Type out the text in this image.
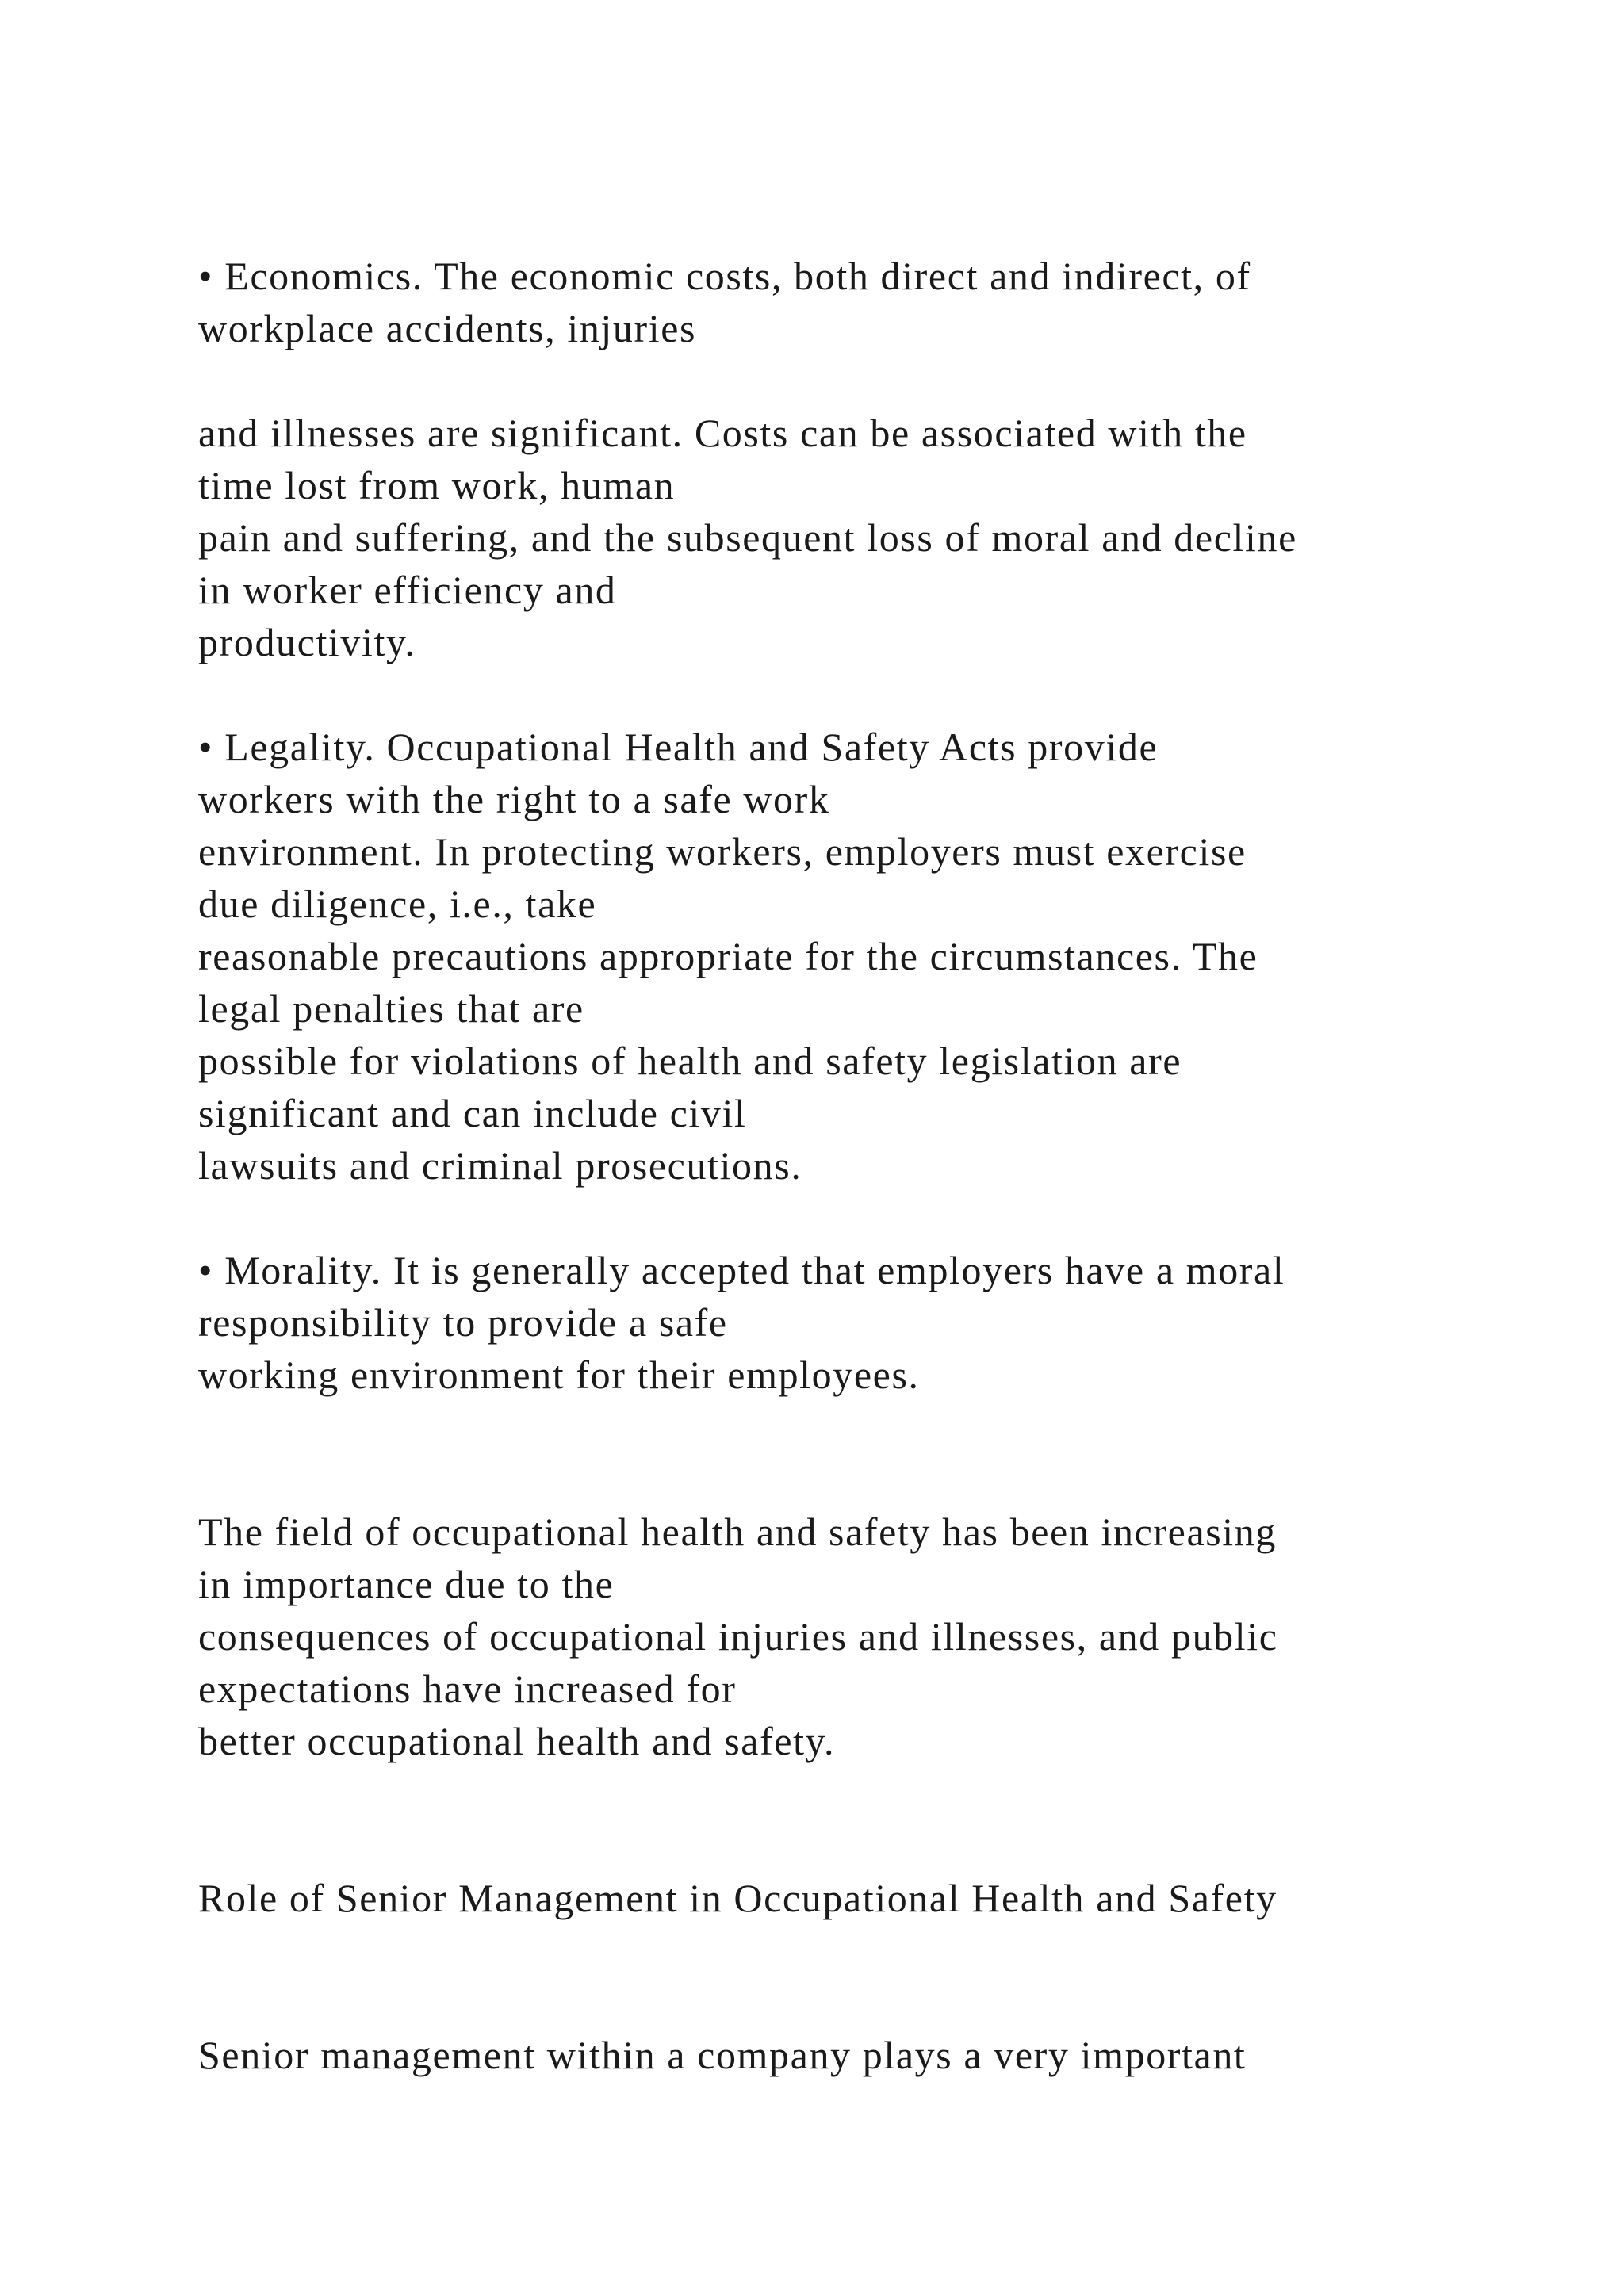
• Economics. The economic costs, both direct and indirect, of

workplace accidents, injuries

and illnesses are significant. Costs can be associated with the

time lost from work, human

pain and suffering, and the subsequent loss of moral and decline

in worker efficiency and

productivity.

• Legality. Occupational Health and Safety Acts provide

workers with the right to a safe work

environment. In protecting workers, employers must exercise

due diligence, i.e., take

reasonable precautions appropriate for the circumstances. The

legal penalties that are

possible for violations of health and safety legislation are

significant and can include civil

lawsuits and criminal prosecutions.

• Morality. It is generally accepted that employers have a moral

responsibility to provide a safe

working environment for their employees.

The field of occupational health and safety has been increasing

in importance due to the

consequences of occupational injuries and illnesses, and public

expectations have increased for

better occupational health and safety.

Role of Senior Management in Occupational Health and Safety

Senior management within a company plays a very important
